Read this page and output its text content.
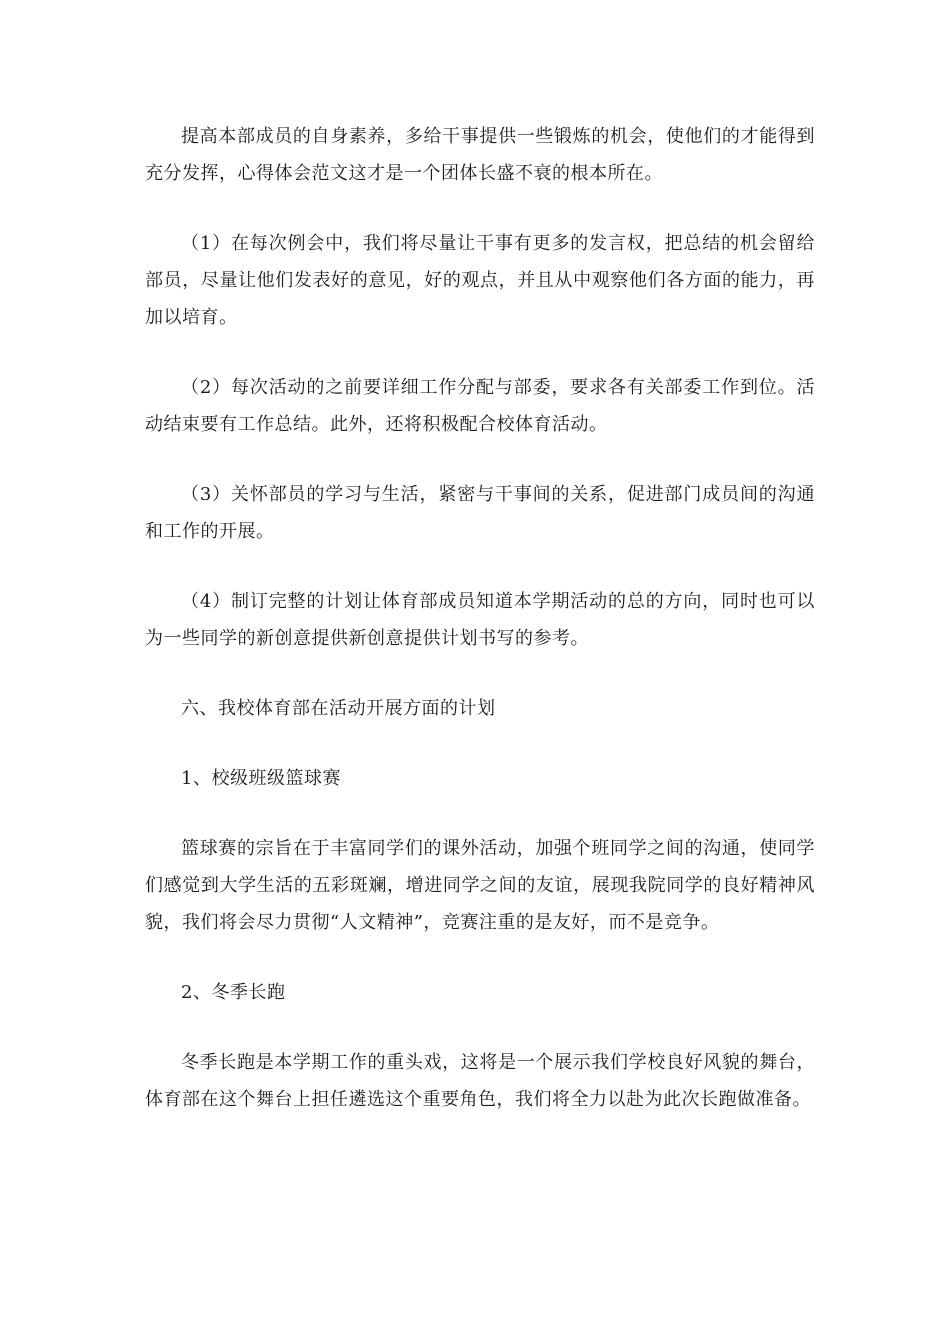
提高本部成员的自身素养，多给干事提供一些锻炼的机会，使他们的才能得到充分发挥，心得体会范文这才是一个团体长盛不衰的根本所在。

（1）在每次例会中，我们将尽量让干事有更多的发言权，把总结的机会留给部员，尽量让他们发表好的意见，好的观点，并且从中观察他们各方面的能力，再加以培育。

（2）每次活动的之前要详细工作分配与部委，要求各有关部委工作到位。活动结束要有工作总结。此外，还将积极配合校体育活动。

（3）关怀部员的学习与生活，紧密与干事间的关系，促进部门成员间的沟通和工作的开展。

（4）制订完整的计划让体育部成员知道本学期活动的总的方向，同时也可以为一些同学的新创意提供新创意提供计划书写的参考。

六、我校体育部在活动开展方面的计划

1、校级班级篮球赛

篮球赛的宗旨在于丰富同学们的课外活动，加强个班同学之间的沟通，使同学们感觉到大学生活的五彩斑斓，增进同学之间的友谊，展现我院同学的良好精神风貌，我们将会尽力贯彻“人文精神”，竞赛注重的是友好，而不是竞争。

2、冬季长跑

冬季长跑是本学期工作的重头戏，这将是一个展示我们学校良好风貌的舞台，体育部在这个舞台上担任遴选这个重要角色，我们将全力以赴为此次长跑做准备。
